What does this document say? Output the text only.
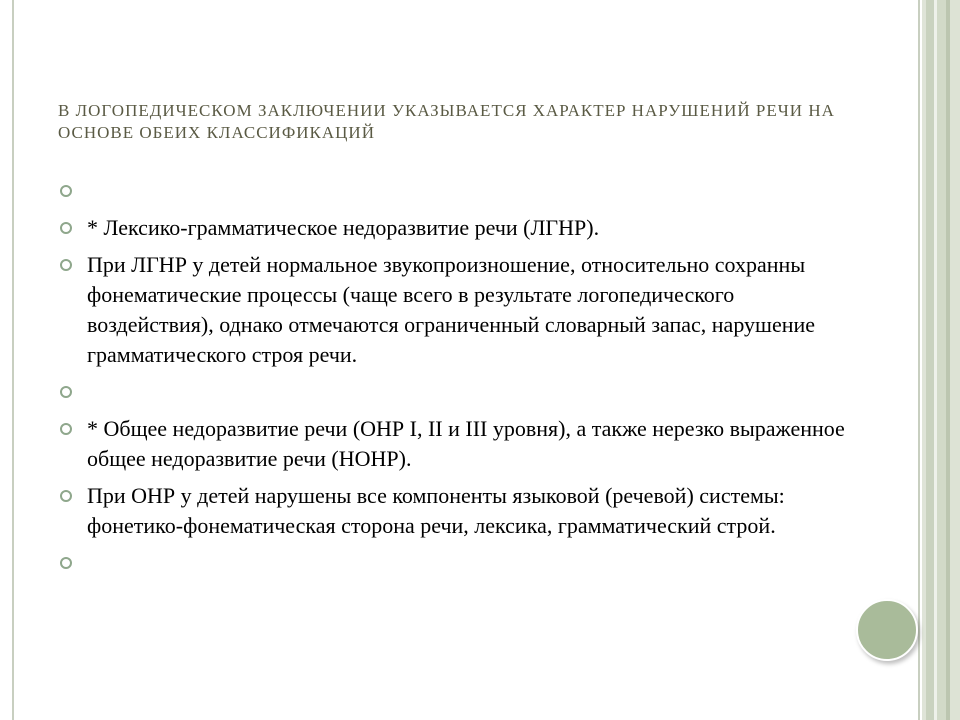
В ЛОГОПЕДИЧЕСКОМ ЗАКЛЮЧЕНИИ УКАЗЫВАЕТСЯ ХАРАКТЕР НАРУШЕНИЙ РЕЧИ НА ОСНОВЕ ОБЕИХ КЛАССИФИКАЦИЙ
* Лексико-грамматическое недоразвитие речи (ЛГНР).
При ЛГНР у детей нормальное звукопроизношение, относительно сохранны фонематические процессы (чаще всего в результате логопедического воздействия), однако отмечаются ограниченный словарный запас, нарушение грамматического строя речи.
* Общее недоразвитие речи (ОНР I, II и III уровня), а также нерезко выраженное общее недоразвитие речи (НОНР).
При ОНР у детей нарушены все компоненты языковой (речевой) системы: фонетико-фонематическая сторона речи, лексика, грамматический строй.
